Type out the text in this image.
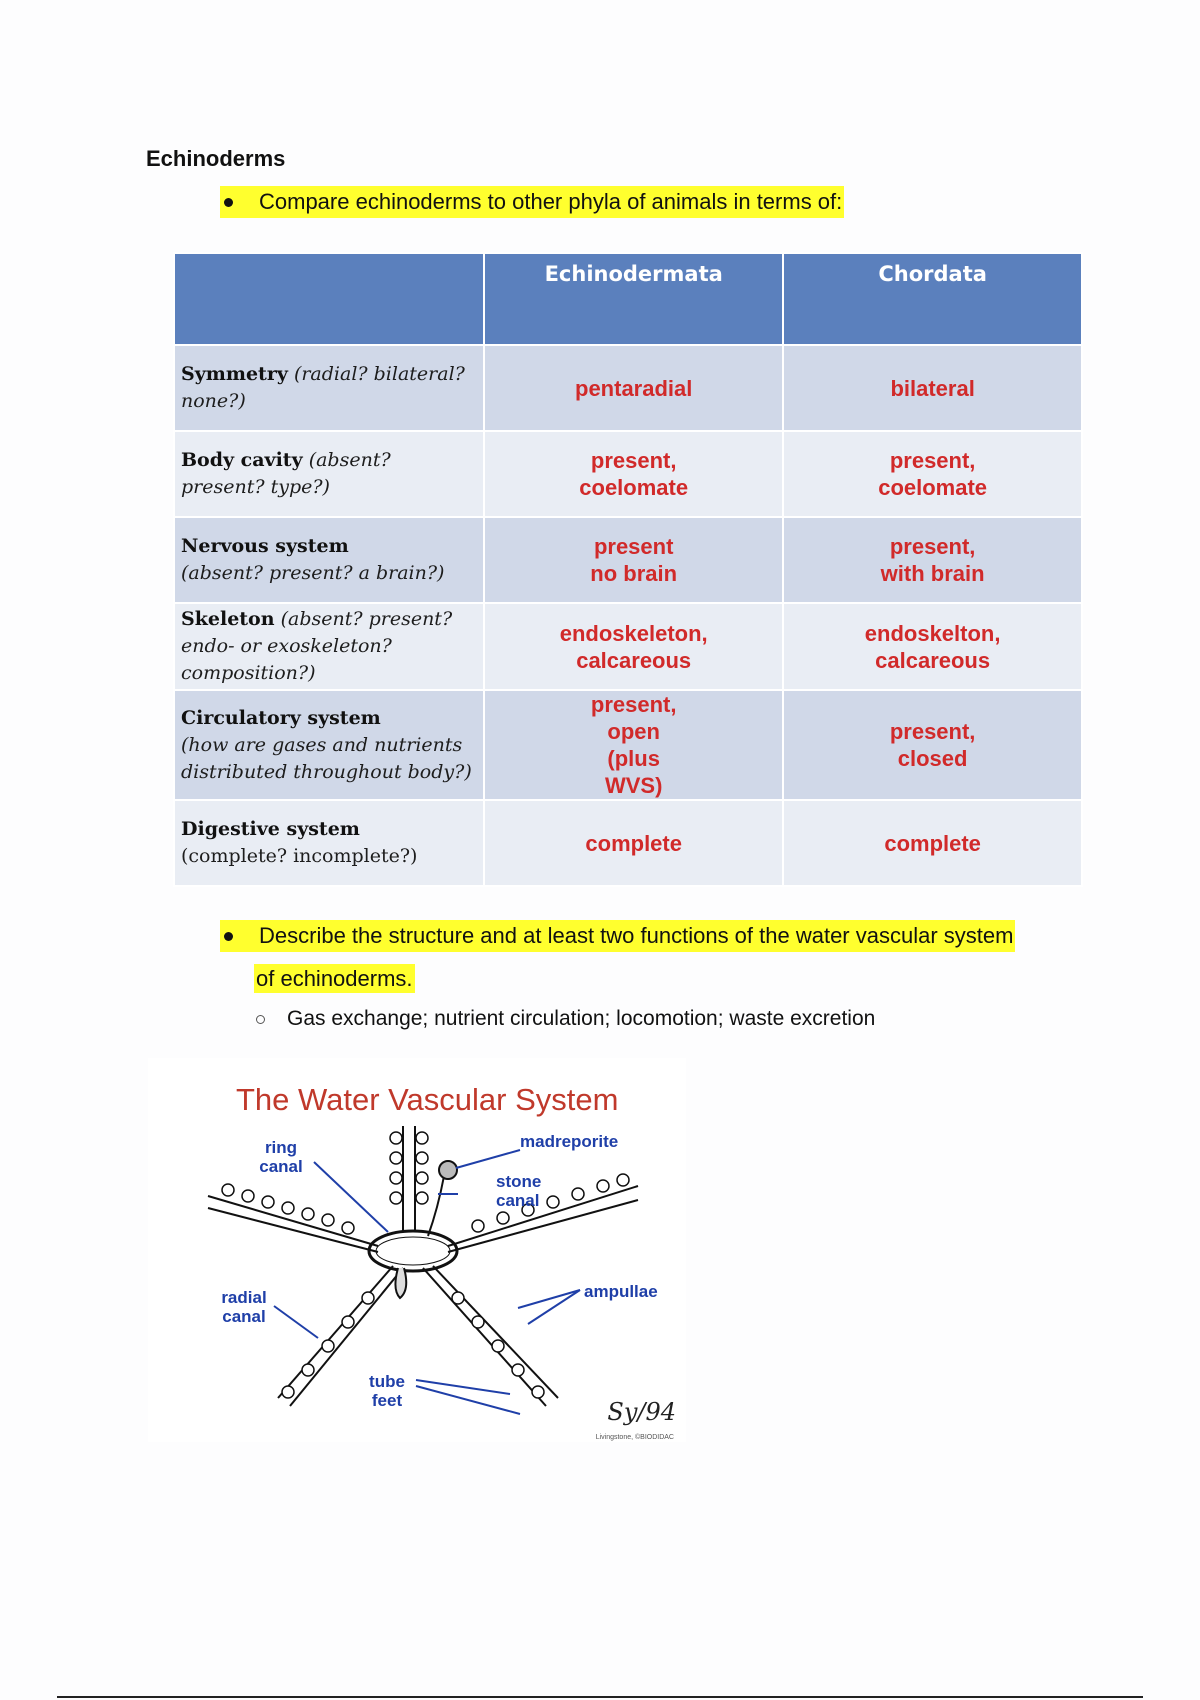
Echinoderms
Compare echinoderms to other phyla of animals in terms of:
	Echinodermata	Chordata
Symmetry (radial? bilateral? none?)	pentaradial	bilateral
Body cavity (absent? present? type?)	present, coelomate	present, coelomate

Nervous system
(absent? present? a brain?)	present no brain	present, with brain

Skeleton (absent? present? endo- or exoskeleton? composition?)	endoskeleton, calcareous	endoskelton, calcareous

Circulatory system
(how are gases and nutrients distributed throughout body?)	present, open (plus WVS)	present, closed

Digestive system
(complete? incomplete?)	complete	complete
Describe the structure and at least two functions of the water vascular system
of echinoderms.
Gas exchange; nutrient circulation; locomotion; waste excretion
The Water Vascular System
ring canal
madreporite
stone canal
radial canal
ampullae
tube feet	Sy/94
Livingstone, ©BIODIDAC
